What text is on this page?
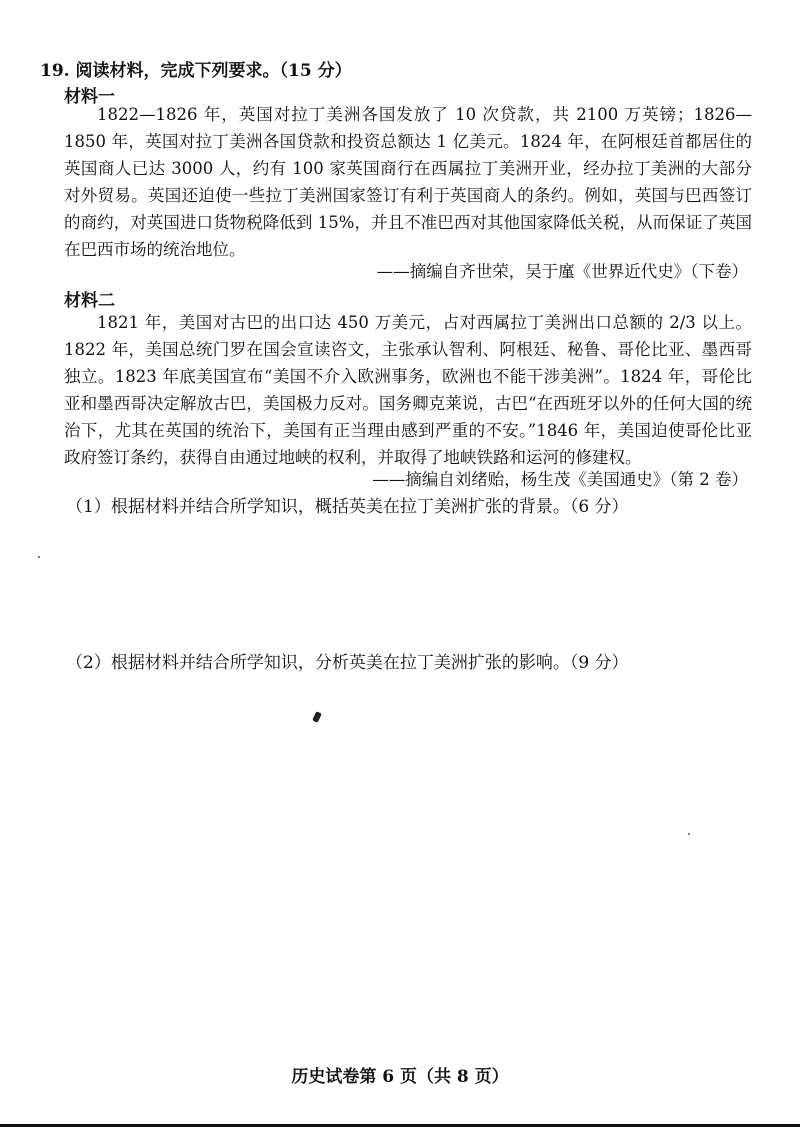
19. 阅读材料，完成下列要求。（15 分）
材料一

1822—1826 年，英国对拉丁美洲各国发放了 10 次贷款，共 2100 万英镑；1826—1850 年，英国对拉丁美洲各国贷款和投资总额达 1 亿美元。1824 年，在阿根廷首都居住的英国商人已达 3000 人，约有 100 家英国商行在西属拉丁美洲开业，经办拉丁美洲的大部分对外贸易。英国还迫使一些拉丁美洲国家签订有利于英国商人的条约。例如，英国与巴西签订的商约，对英国进口货物税降低到 15%，并且不准巴西对其他国家降低关税，从而保证了英国在巴西市场的统治地位。

——摘编自齐世荣，吴于廑《世界近代史》（下卷）
材料二

1821 年，美国对古巴的出口达 450 万美元，占对西属拉丁美洲出口总额的 2/3 以上。1822 年，美国总统门罗在国会宣读咨文，主张承认智利、阿根廷、秘鲁、哥伦比亚、墨西哥独立。1823 年底美国宣布“美国不介入欧洲事务，欧洲也不能干涉美洲”。1824 年，哥伦比亚和墨西哥决定解放古巴，美国极力反对。国务卿克莱说，古巴“在西班牙以外的任何大国的统治下，尤其在英国的统治下，美国有正当理由感到严重的不安。”1846 年，美国迫使哥伦比亚政府签订条约，获得自由通过地峡的权利，并取得了地峡铁路和运河的修建权。

——摘编自刘绪贻，杨生茂《美国通史》（第 2 卷）
（1）根据材料并结合所学知识，概括英美在拉丁美洲扩张的背景。（6 分）
（2）根据材料并结合所学知识，分析英美在拉丁美洲扩张的影响。（9 分）
历史试卷第 6 页（共 8 页）
